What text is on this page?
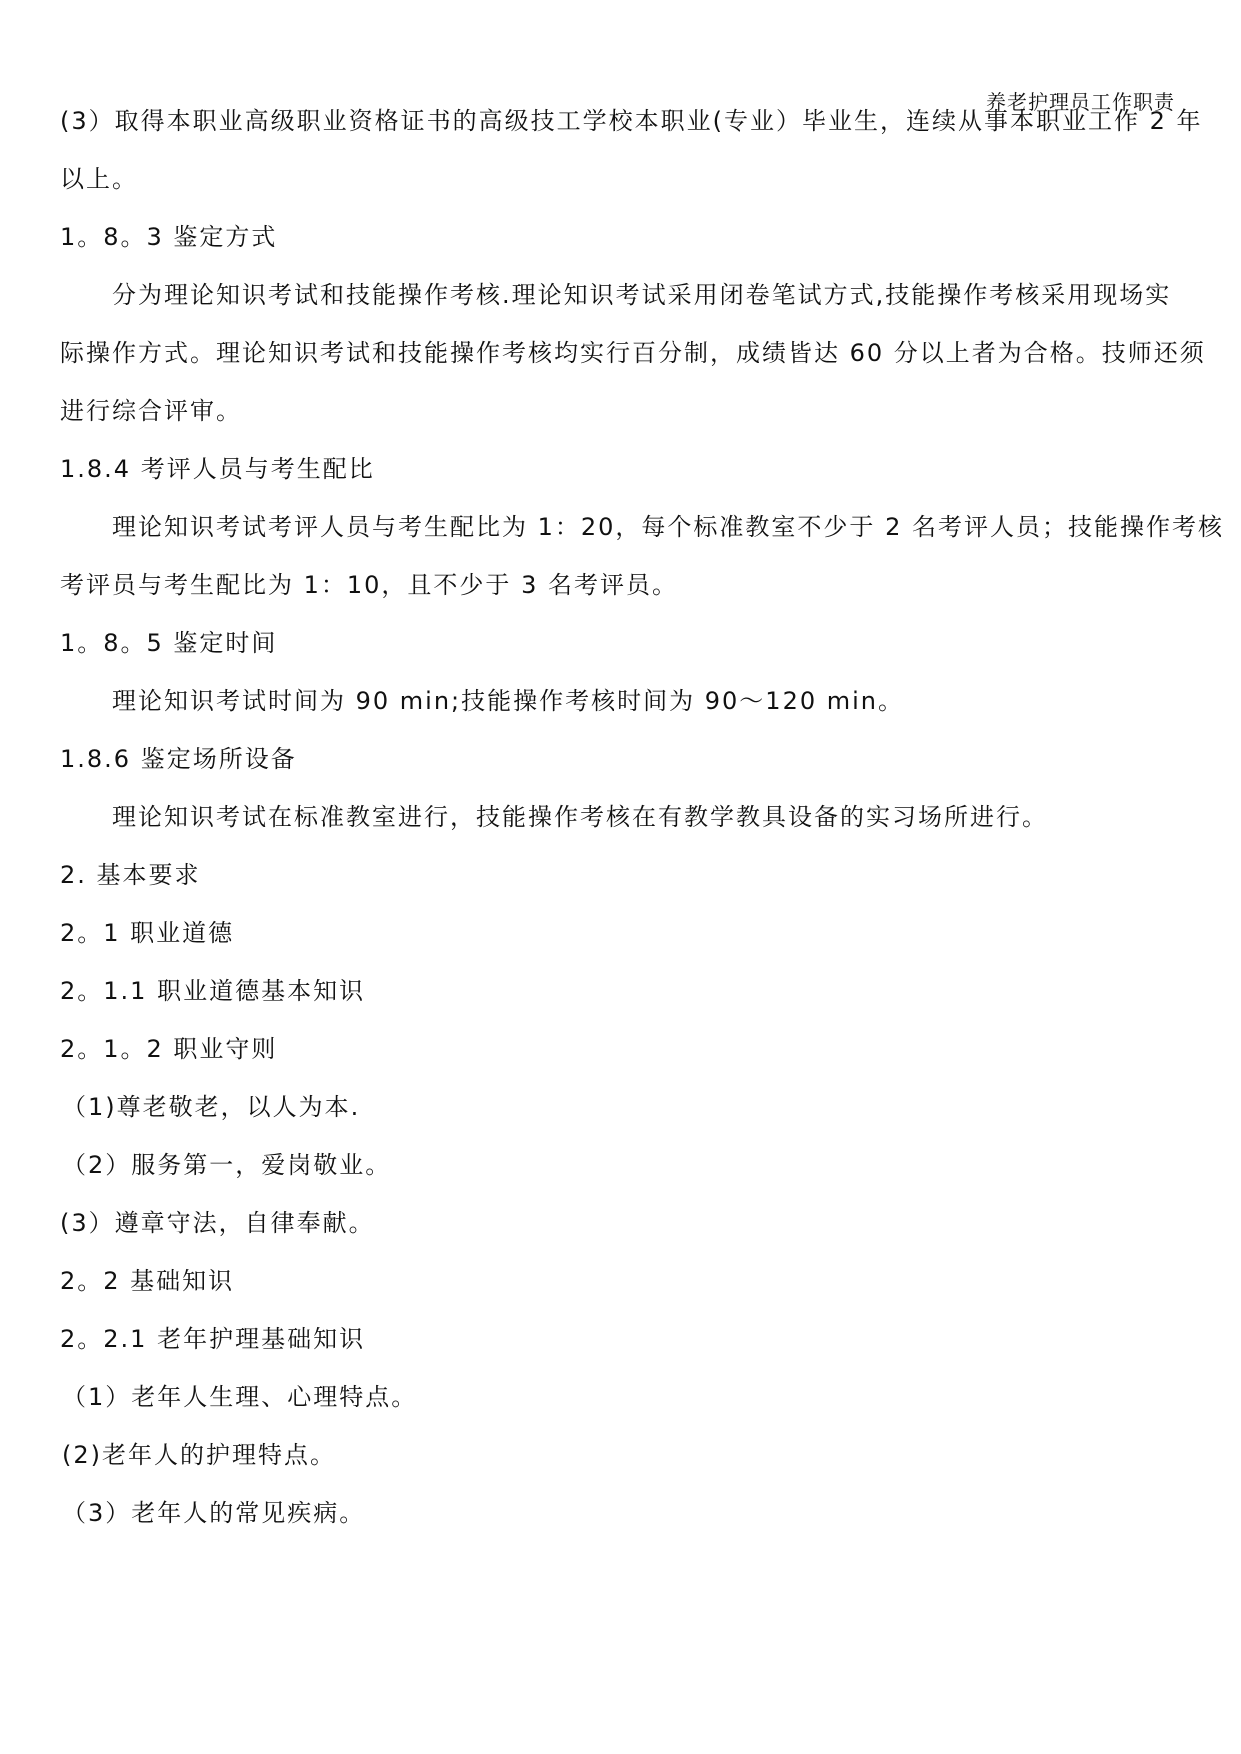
养老护理员工作职责
(3）取得本职业高级职业资格证书的高级技工学校本职业(专业）毕业生，连续从事本职业工作 2 年
以上。
1。8。3 鉴定方式
分为理论知识考试和技能操作考核.理论知识考试采用闭卷笔试方式,技能操作考核采用现场实
际操作方式。理论知识考试和技能操作考核均实行百分制，成绩皆达 60 分以上者为合格。技师还须
进行综合评审。
1.8.4 考评人员与考生配比
理论知识考试考评人员与考生配比为 1：20，每个标准教室不少于 2 名考评人员；技能操作考核
考评员与考生配比为 1：10，且不少于 3 名考评员。
1。8。5 鉴定时间
理论知识考试时间为 90 min;技能操作考核时间为 90～120 min。
1.8.6 鉴定场所设备
理论知识考试在标准教室进行，技能操作考核在有教学教具设备的实习场所进行。
2. 基本要求
2。1 职业道德
2。1.1 职业道德基本知识
2。1。2 职业守则
（1)尊老敬老，以人为本.
（2）服务第一，爱岗敬业。
(3）遵章守法，自律奉献。
2。2 基础知识
2。2.1 老年护理基础知识
（1）老年人生理、心理特点。
(2)老年人的护理特点。
（3）老年人的常见疾病。
